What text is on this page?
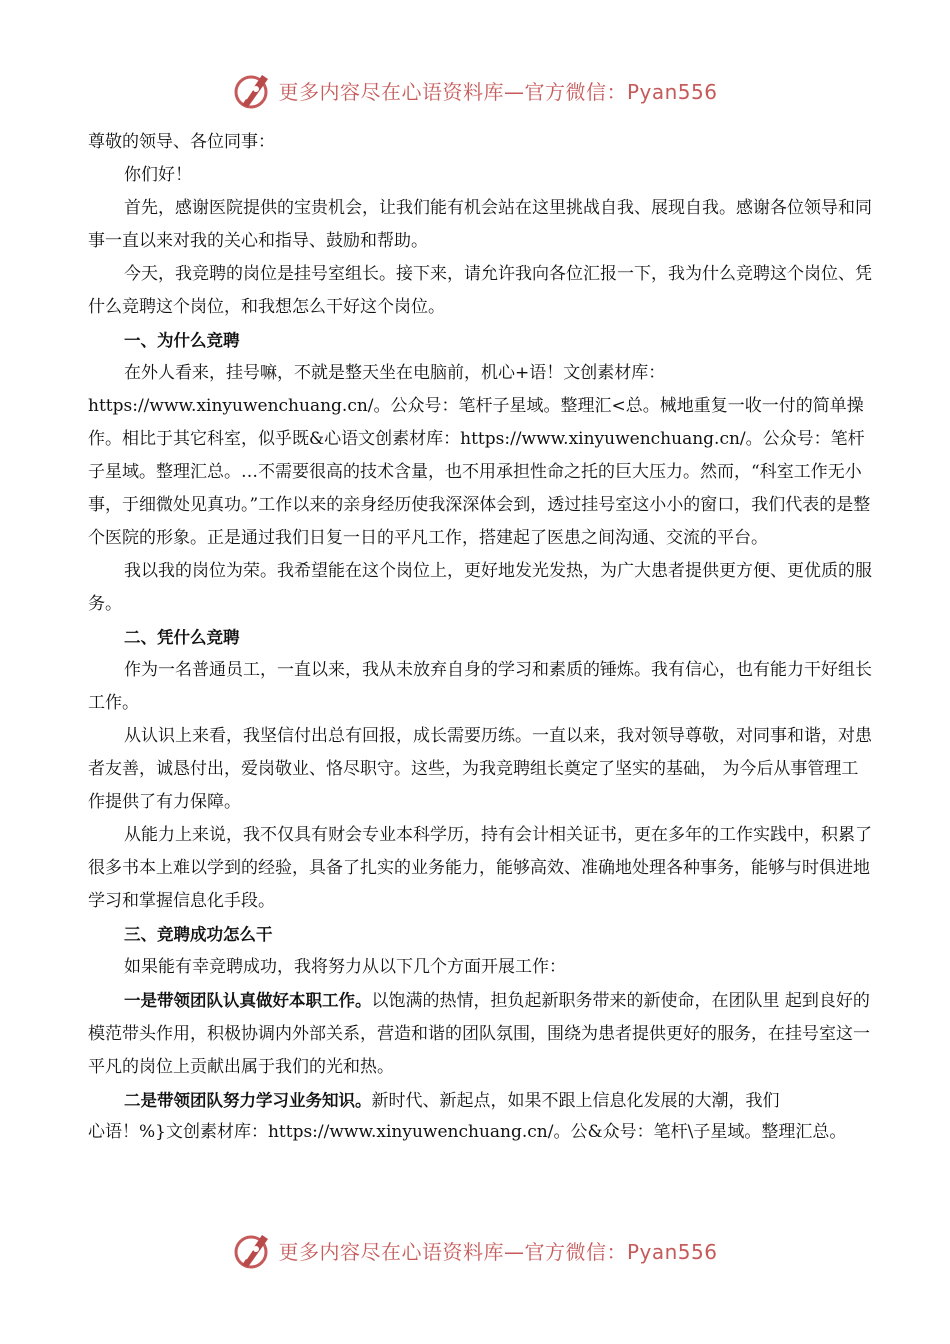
更多内容尽在心语资料库—官方微信：Pyan556

尊敬的领导、各位同事：

你们好！

首先，感谢医院提供的宝贵机会，让我们能有机会站在这里挑战自我、展现自我。感谢各位领导和同事一直以来对我的关心和指导、鼓励和帮助。

今天，我竞聘的岗位是挂号室组长。接下来，请允许我向各位汇报一下，我为什么竞聘这个岗位、凭什么竞聘这个岗位，和我想怎么干好这个岗位。

一、为什么竞聘

在外人看来，挂号嘛，不就是整天坐在电脑前，机心+语！文创素材库：https://www.xinyuwenchuang.cn/。公众号：笔杆子星域。整理汇<总。械地重复一收一付的简单操作。相比于其它科室，似乎既&心语文创素材库：https://www.xinyuwenchuang.cn/。公众号：笔杆子星域。整理汇总。…不需要很高的技术含量，也不用承担性命之托的巨大压力。然而，“科室工作无小事，于细微处见真功。”工作以来的亲身经历使我深深体会到，透过挂号室这小小的窗口，我们代表的是整个医院的形象。正是通过我们日复一日的平凡工作，搭建起了医患之间沟通、交流的平台。

我以我的岗位为荣。我希望能在这个岗位上，更好地发光发热，为广大患者提供更方便、更优质的服务。

二、凭什么竞聘

作为一名普通员工，一直以来，我从未放弃自身的学习和素质的锤炼。我有信心，也有能力干好组长工作。

从认识上来看，我坚信付出总有回报，成长需要历练。一直以来，我对领导尊敬，对同事和谐，对患者友善，诚恳付出，爱岗敬业、恪尽职守。这些，为我竞聘组长奠定了坚实的基础， 为今后从事管理工作提供了有力保障。

从能力上来说，我不仅具有财会专业本科学历，持有会计相关证书，更在多年的工作实践中，积累了很多书本上难以学到的经验，具备了扎实的业务能力，能够高效、准确地处理各种事务，能够与时俱进地学习和掌握信息化手段。

三、竞聘成功怎么干

如果能有幸竞聘成功，我将努力从以下几个方面开展工作：

一是带领团队认真做好本职工作。以饱满的热情，担负起新职务带来的新使命，在团队里 起到良好的模范带头作用，积极协调内外部关系，营造和谐的团队氛围，围绕为患者提供更好的服务，在挂号室这一平凡的岗位上贡献出属于我们的光和热。

二是带领团队努力学习业务知识。新时代、新起点，如果不跟上信息化发展的大潮，我们

心语！%}文创素材库：https://www.xinyuwenchuang.cn/。公&众号：笔杆\子星域。整理汇总。

更多内容尽在心语资料库—官方微信：Pyan556
